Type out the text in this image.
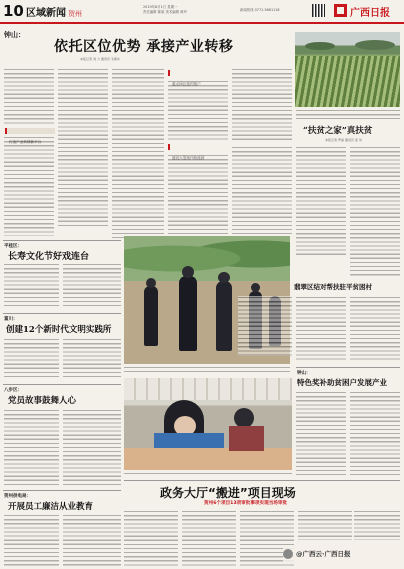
10 区域新闻 贺州
2019年8月1日 星期一
责任编辑 陈斌 美术编辑 黄玲	新闻热线 0771-5661118	广西日报
钟山：
依托区位优势 承接产业转移
本报记者 刘 力 通讯员 韦素华
“扶贫之家”真扶贫
本报记者 罗丽 通讯员 庞 凤
平桂区：
长寿文化节好戏连台
富川：
创建12个新时代文明实践所
八步区：
党员故事鼓舞人心
贺州供电局：
开展员工廉洁从业教育
翡翠区结对帮扶驻平贫困村
钟山：
特色奖补助贫困户发展产业
政务大厅“搬进”项目现场
贺州6个项目13项审批事项实现当场审批
@广西云·广西日报
